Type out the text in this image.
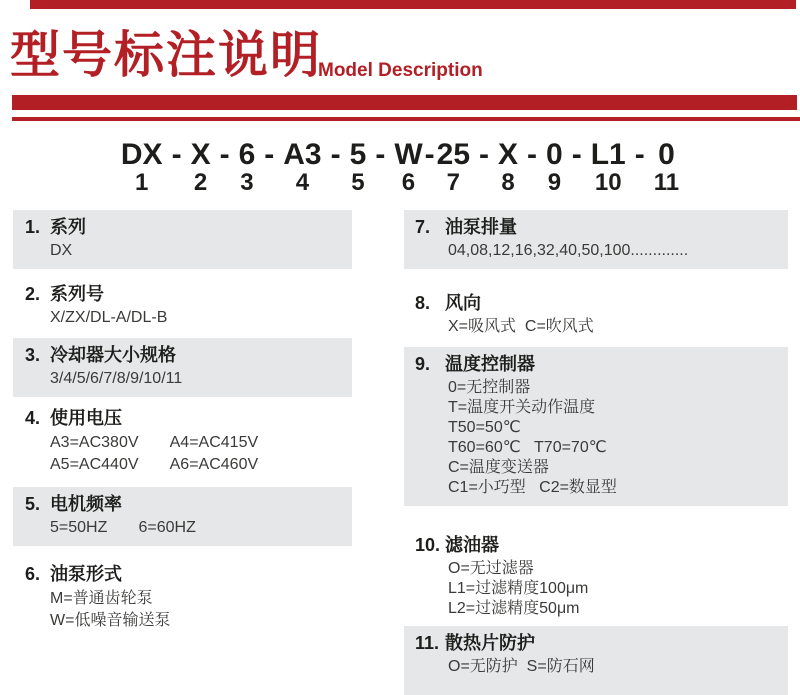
型号标注说明
Model Description
DX
1
- X
2
- 6
3
- A3
4
- 5
5
- W
6
- 25
7
- X
8
- 0
9
- L1
10
- 0
11
1. 系列
DX
2. 系列号
X/ZX/DL-A/DL-B
3. 冷却器大小规格
3/4/5/6/7/8/9/10/11
4. 使用电压
A3=AC380V       A4=AC415V
A5=AC440V       A6=AC460V
5. 电机频率
5=50HZ       6=60HZ
6. 油泵形式
M=普通齿轮泵
W=低噪音输送泵
7. 油泵排量
04,08,12,16,32,40,50,100.............
8. 风向
X=吸风式  C=吹风式
9. 温度控制器
0=无控制器
T=温度开关动作温度
T50=50℃
T60=60℃   T70=70℃
C=温度变送器
C1=小巧型   C2=数显型
10. 滤油器
O=无过滤器
L1=过滤精度100μm
L2=过滤精度50μm
11. 散热片防护
O=无防护  S=防石网
